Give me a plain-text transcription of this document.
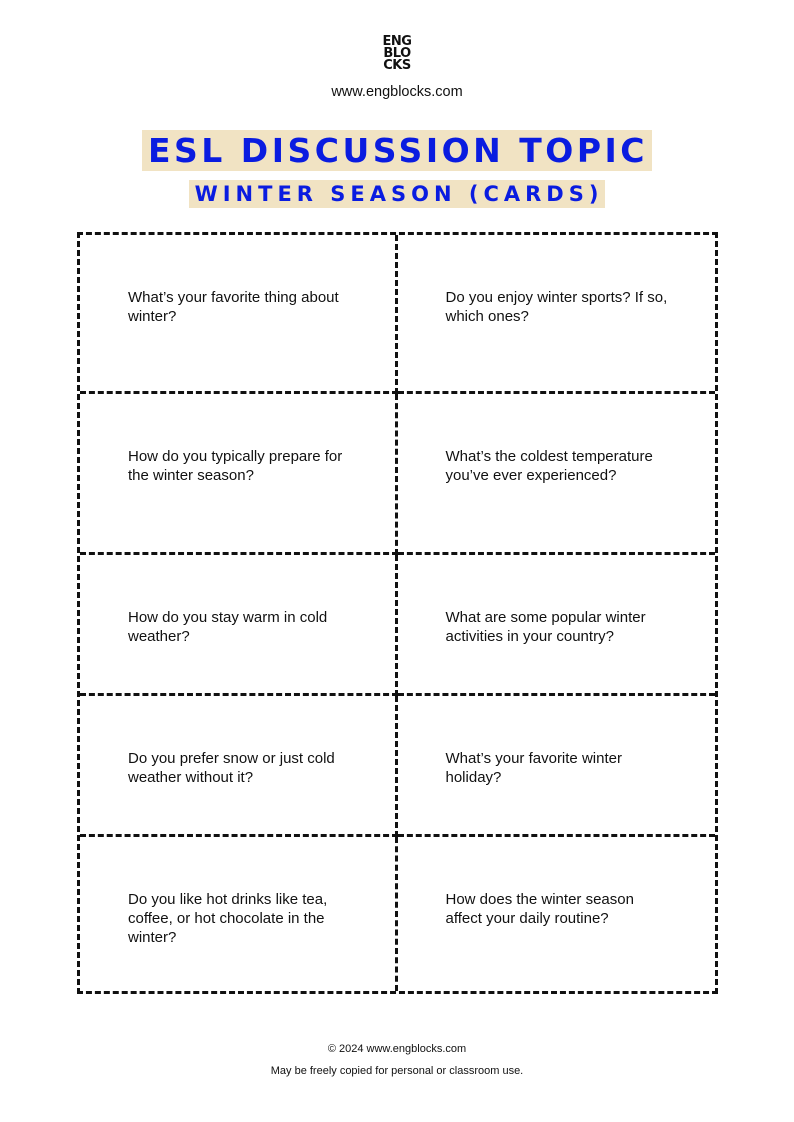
ENG
BLO
CKS
www.engblocks.com
ESL DISCUSSION TOPIC
WINTER SEASON (CARDS)
What’s your favorite thing about winter?
Do you enjoy winter sports? If so, which ones?
How do you typically prepare for the winter season?
What’s the coldest temperature you’ve ever experienced?
How do you stay warm in cold weather?
What are some popular winter activities in your country?
Do you prefer snow or just cold weather without it?
What’s your favorite winter holiday?
Do you like hot drinks like tea, coffee, or hot chocolate in the winter?
How does the winter season affect your daily routine?
© 2024 www.engblocks.com
May be freely copied for personal or classroom use.
